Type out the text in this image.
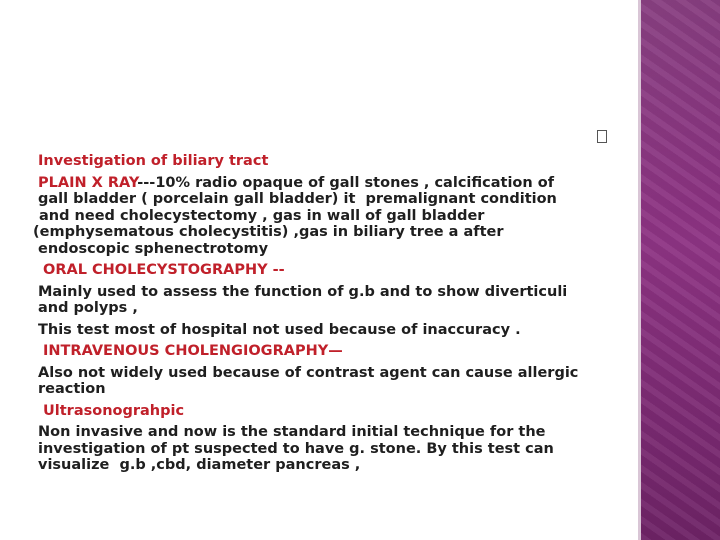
Investigation of biliary tract

PLAIN X RAY---10% radio opaque of gall stones , calcification of

gall bladder ( porcelain gall bladder) it  premalignant condition

and need cholecystectomy , gas in wall of gall bladder

(emphysematous cholecystitis) ,gas in biliary tree a after

endoscopic sphenectrotomy

ORAL CHOLECYSTOGRAPHY --

Mainly used to assess the function of g.b and to show diverticuli

and polyps ,

This test most of hospital not used because of inaccuracy .

INTRAVENOUS CHOLENGIOGRAPHY—

Also not widely used because of contrast agent can cause allergic

reaction

Ultrasonograhpic

Non invasive and now is the standard initial technique for the

investigation of pt suspected to have g. stone. By this test can

visualize  g.b ,cbd, diameter pancreas ,
